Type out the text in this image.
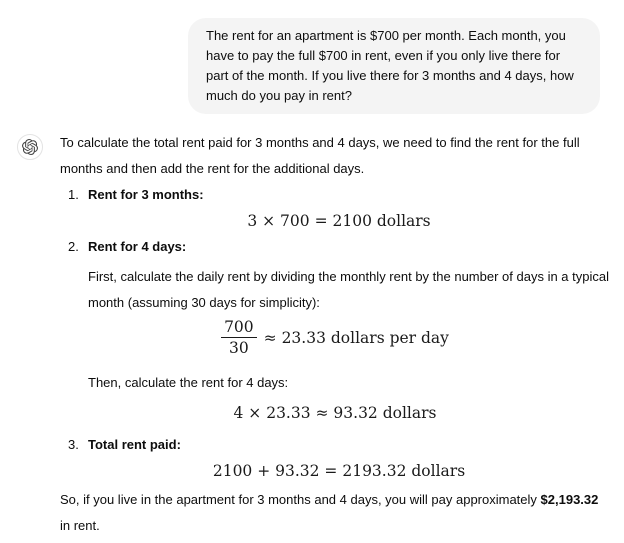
The rent for an apartment is $700 per month. Each month, you have to pay the full $700 in rent, even if you only live there for part of the month. If you live there for 3 months and 4 days, how much do you pay in rent?

To calculate the total rent paid for 3 months and 4 days, we need to find the rent for the full months and then add the rent for the additional days.

1. Rent for 3 months:
3 × 700 = 2100 dollars
2. Rent for 4 days:

First, calculate the daily rent by dividing the monthly rent by the number of days in a typical month (assuming 30 days for simplicity):

$\frac{700}{30} \approx 23.33$ dollars per day

Then, calculate the rent for 4 days:

4 × 23.33 ≈ 93.32 dollars
3. Total rent paid:
2100 + 93.32 = 2193.32 dollars

So, if you live in the apartment for 3 months and 4 days, you will pay approximately $2,193.32 in rent.
